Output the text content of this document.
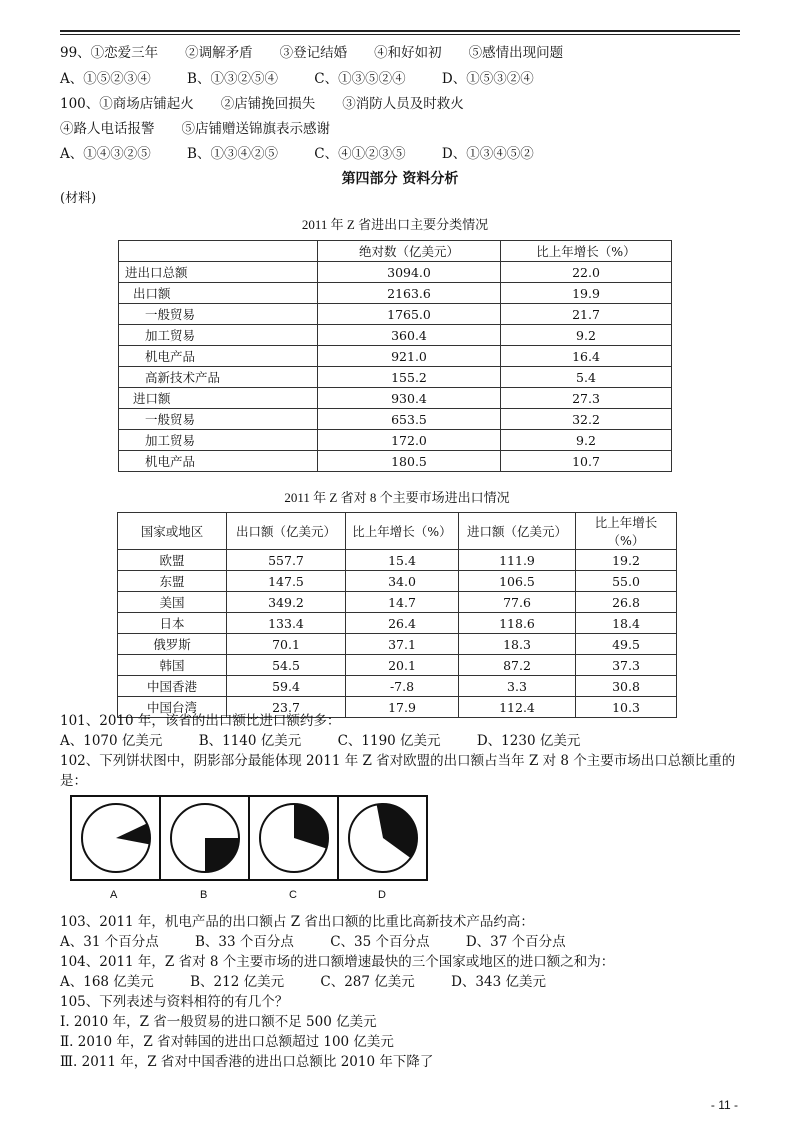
99、①恋爱三年　　②调解矛盾　　③登记结婚　　④和好如初　　⑤感情出现问题
A、①⑤②③④	B、①③②⑤④	C、①③⑤②④	D、①⑤③②④
100、①商场店铺起火　　②店铺挽回损失　　③消防人员及时救火
④路人电话报警　　⑤店铺赠送锦旗表示感谢
A、①④③②⑤	B、①③④②⑤	C、④①②③⑤	D、①③④⑤②
第四部分 资料分析
(材料)
2011 年 Z 省进出口主要分类情况
	绝对数（亿美元）	比上年增长（%）
进出口总额	3094.0	22.0
出口额	2163.6	19.9
一般贸易	1765.0	21.7
加工贸易	360.4	9.2
机电产品	921.0	16.4
高新技术产品	155.2	5.4
进口额	930.4	27.3
一般贸易	653.5	32.2
加工贸易	172.0	9.2
机电产品	180.5	10.7
2011 年 Z 省对 8 个主要市场进出口情况
国家或地区	出口额（亿美元）	比上年增长（%）	进口额（亿美元）	比上年增长（%）
欧盟	557.7	15.4	111.9	19.2
东盟	147.5	34.0	106.5	55.0
美国	349.2	14.7	77.6	26.8
日本	133.4	26.4	118.6	18.4
俄罗斯	70.1	37.1	18.3	49.5
韩国	54.5	20.1	87.2	37.3
中国香港	59.4	-7.8	3.3	30.8
中国台湾	23.7	17.9	112.4	10.3
101、2010 年，该省的出口额比进口额约多：
A、1070 亿美元	B、1140 亿美元	C、1190 亿美元	D、1230 亿美元
102、下列饼状图中，阴影部分最能体现 2011 年 Z 省对欧盟的出口额占当年 Z 对 8 个主要市场出口总额比重的
是：
A	B	C	D
103、2011 年，机电产品的出口额占 Z 省出口额的比重比高新技术产品约高：
A、31 个百分点	B、33 个百分点	C、35 个百分点	D、37 个百分点
104、2011 年，Z 省对 8 个主要市场的进口额增速最快的三个国家或地区的进口额之和为：
A、168 亿美元	B、212 亿美元	C、287 亿美元	D、343 亿美元
105、下列表述与资料相符的有几个？
Ⅰ. 2010 年，Z 省一般贸易的进口额不足 500 亿美元
Ⅱ. 2010 年，Z 省对韩国的进出口总额超过 100 亿美元
Ⅲ. 2011 年，Z 省对中国香港的进出口总额比 2010 年下降了
- 11 -
